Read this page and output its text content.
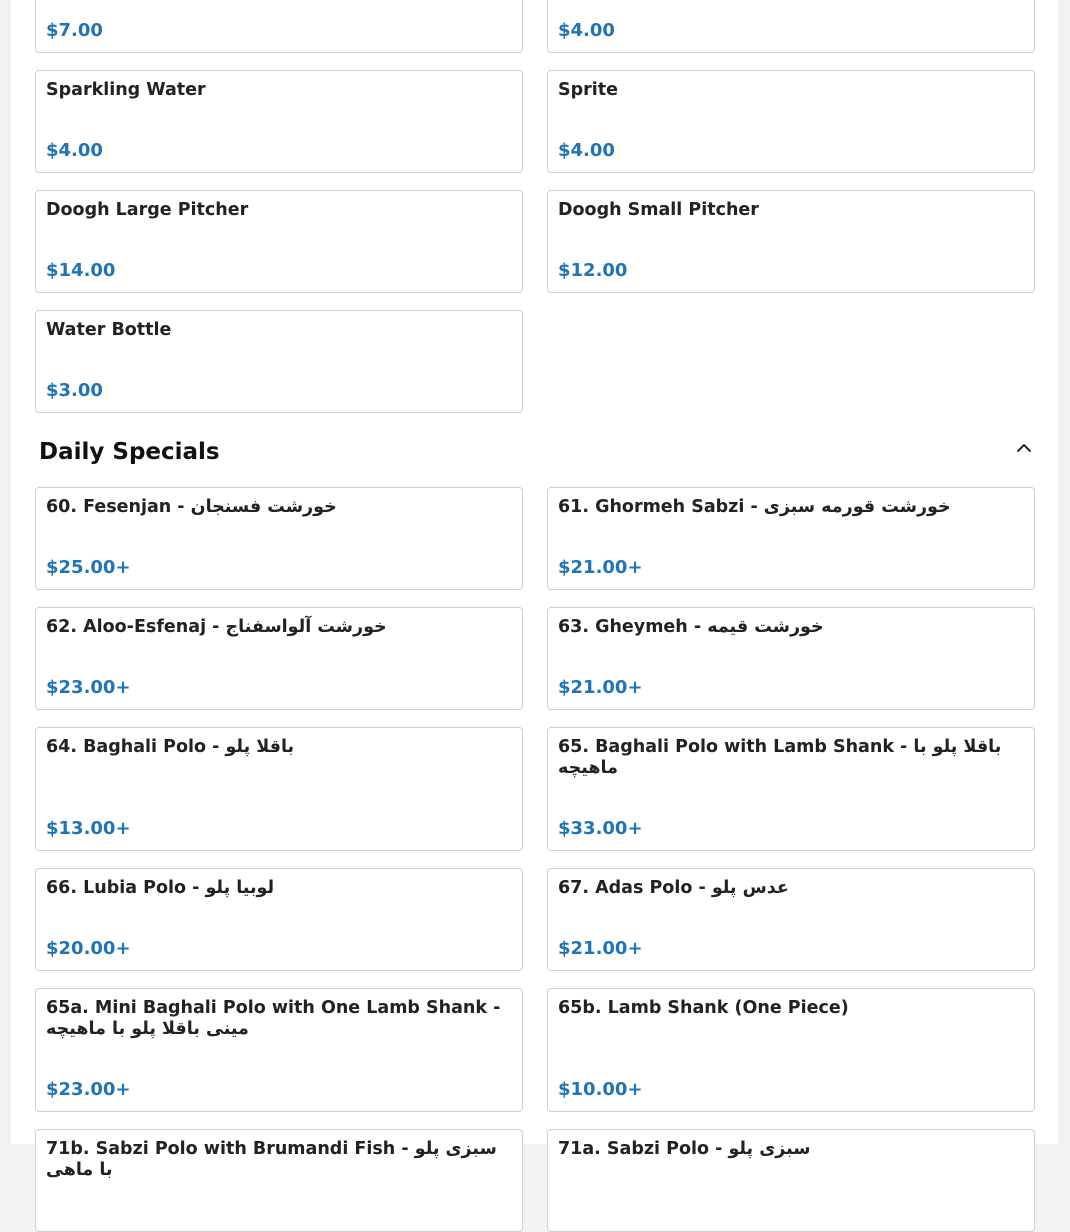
$7.00	$4.00
Sparkling Water
$4.00
Sprite
$4.00
Doogh Large Pitcher
$14.00
Doogh Small Pitcher
$12.00
Water Bottle
$3.00
Daily Specials
60. Fesenjan - خورشت فسنجان
$25.00+
61. Ghormeh Sabzi - خورشت قورمه سبزی
$21.00+
62. Aloo-Esfenaj - خورشت آلواسفناج
$23.00+
63. Gheymeh - خورشت قیمه
$21.00+
64. Baghali Polo - باقلا پلو
$13.00+
65. Baghali Polo with Lamb Shank - باقلا پلو با ماهیچه
$33.00+
66. Lubia Polo - لوبیا پلو
$20.00+
67. Adas Polo - عدس پلو
$21.00+
65a. Mini Baghali Polo with One Lamb Shank - مینی باقلا پلو با ماهیچه
$23.00+
65b. Lamb Shank (One Piece)
$10.00+
71b. Sabzi Polo with Brumandi Fish - سبزی پلو با ماهی
71a. Sabzi Polo - سبزی پلو
